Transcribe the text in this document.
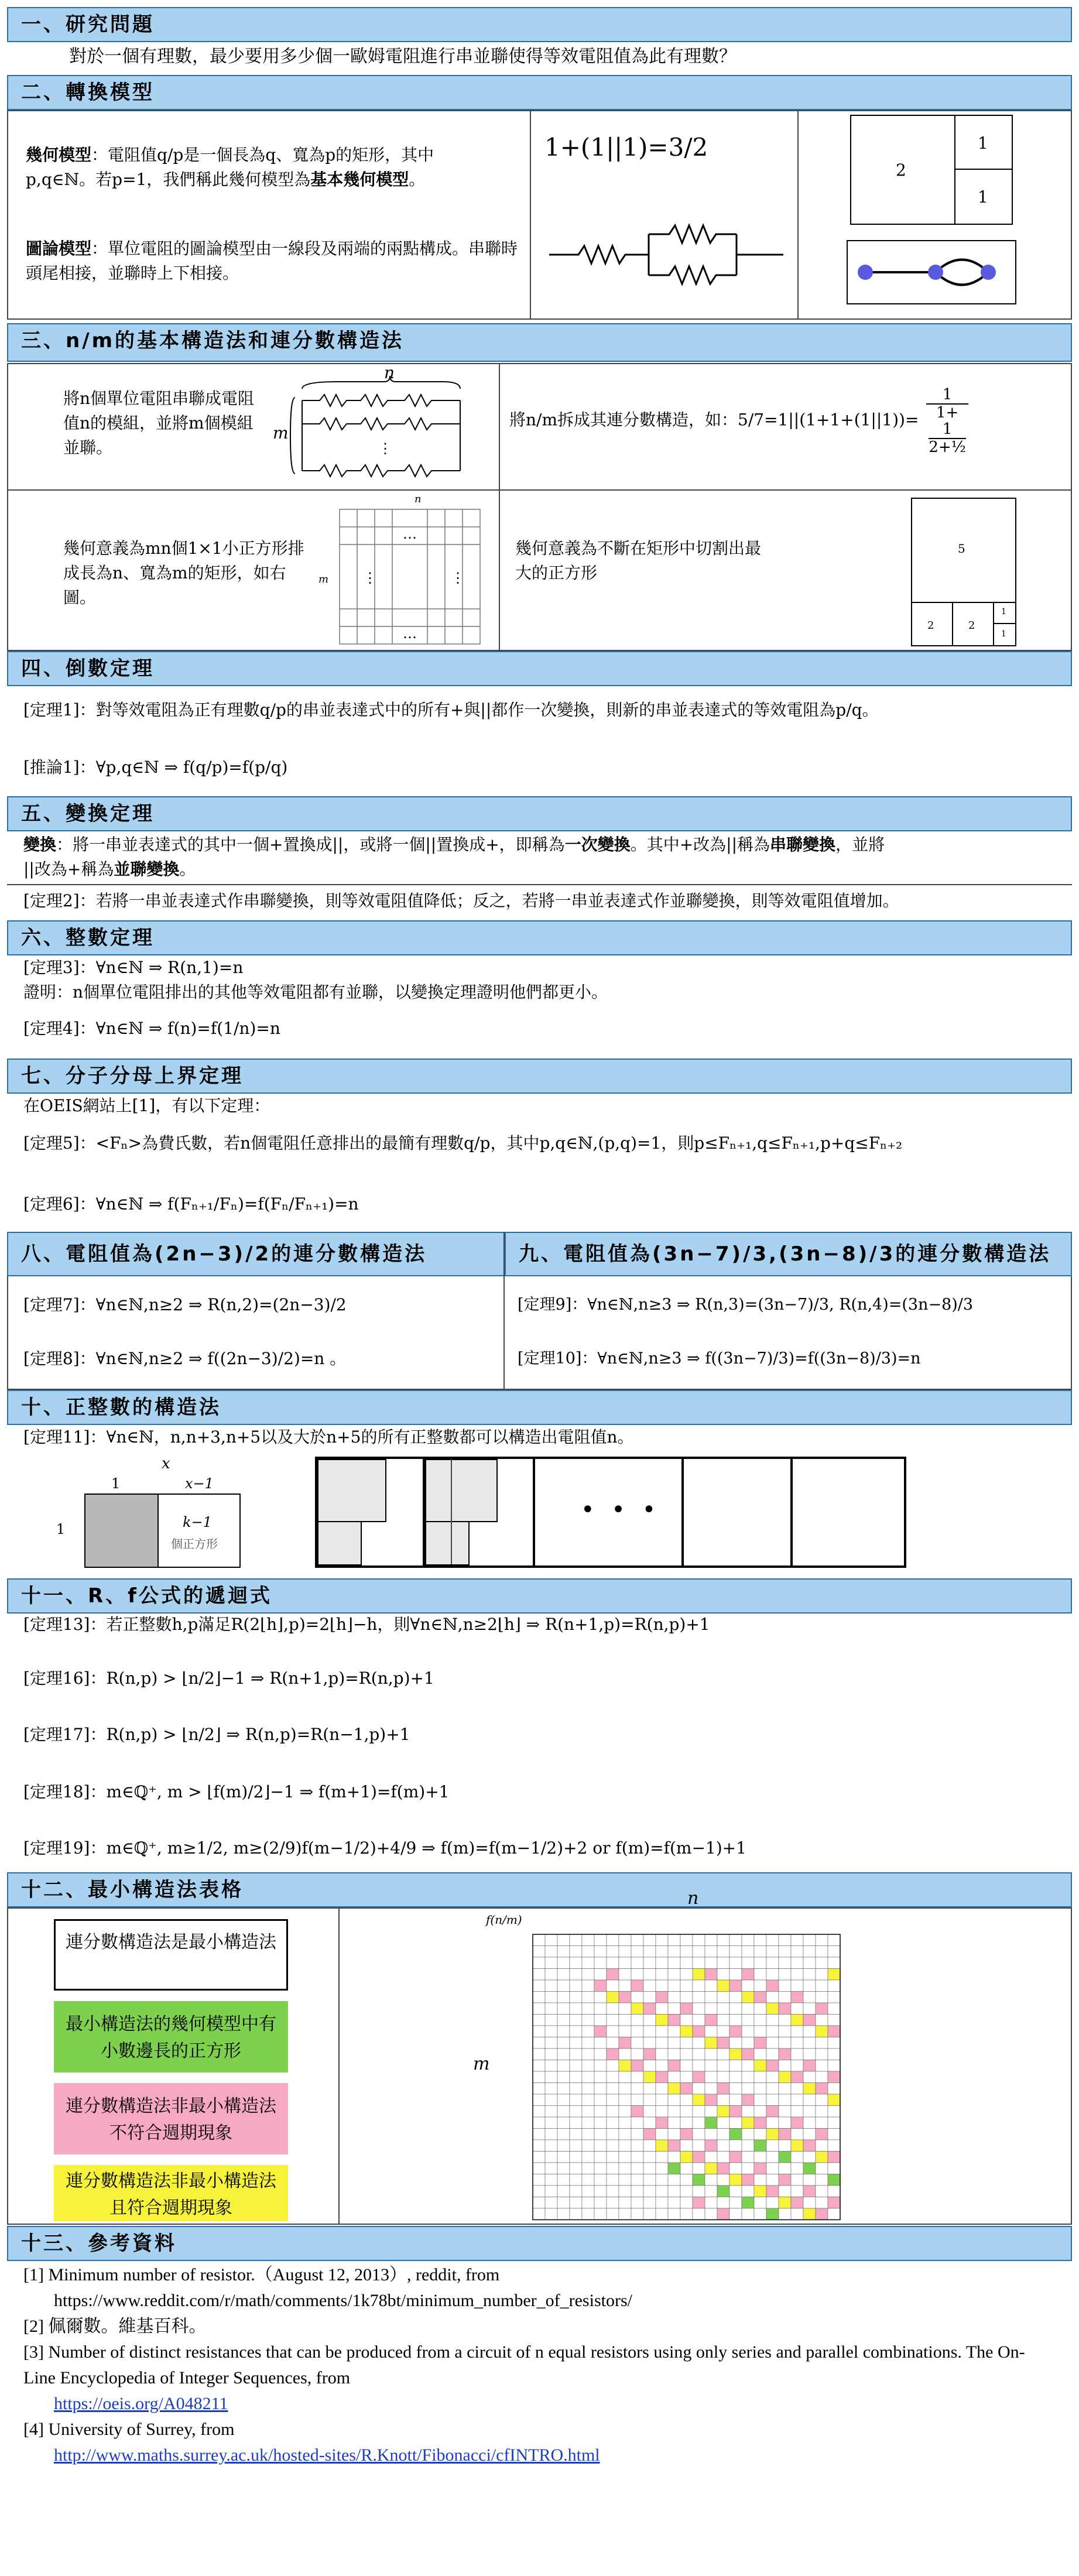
一、研究問題
對於一個有理數，最少要用多少個一歐姆電阻進行串並聯使得等效電阻值為此有理數？
二、轉換模型
幾何模型：電阻值q/p是一個長為q、寬為p的矩形，其中
p,q∈ℕ。若p=1，我們稱此幾何模型為基本幾何模型。
圖論模型：單位電阻的圖論模型由一線段及兩端的兩點構成。串聯時頭尾相接，並聯時上下相接。
1+(1||1)=3/2
2
1
1
三、n/m的基本構造法和連分數構造法
將n個單位電阻串聯成電阻值n的模組，並將m個模組並聯。
n
m
⋮
將n/m拆成其連分數構造，如：5/7=1||(1+1+(1||1))= 1
1+
1
2+½
幾何意義為mn個1×1小正方形排成長為n、寬為m的矩形，如右圖。
n
m
…
…
⋮	⋮
幾何意義為不斷在矩形中切割出最大的正方形
5
2	2
1
1
四、倒數定理
[定理1]：對等效電阻為正有理數q/p的串並表達式中的所有+與||都作一次變換，則新的串並表達式的等效電阻為p/q。
[推論1]：∀p,q∈ℕ ⇒ f(q/p)=f(p/q)
五、變換定理
變換：將一串並表達式的其中一個+置換成||，或將一個||置換成+，即稱為一次變換。其中+改為||稱為串聯變換，並將
||改為+稱為並聯變換。
[定理2]：若將一串並表達式作串聯變換，則等效電阻值降低；反之，若將一串並表達式作並聯變換，則等效電阻值增加。
六、整數定理
[定理3]：∀n∈ℕ ⇒ R(n,1)=n
證明：n個單位電阻排出的其他等效電阻都有並聯，以變換定理證明他們都更小。
[定理4]：∀n∈ℕ ⇒ f(n)=f(1/n)=n
七、分子分母上界定理
在OEIS網站上[1]，有以下定理：
[定理5]：<Fₙ>為費氏數，若n個電阻任意排出的最簡有理數q/p，其中p,q∈ℕ,(p,q)=1，則p≤Fₙ₊₁,q≤Fₙ₊₁,p+q≤Fₙ₊₂
[定理6]：∀n∈ℕ ⇒ f(Fₙ₊₁/Fₙ)=f(Fₙ/Fₙ₊₁)=n
八、電阻值為(2n−3)/2的連分數構造法	九、電阻值為(3n−7)/3,(3n−8)/3的連分數構造法
[定理7]：∀n∈ℕ,n≥2 ⇒ R(n,2)=(2n−3)/2
[定理8]：∀n∈ℕ,n≥2 ⇒ f((2n−3)/2)=n 。
[定理9]：∀n∈ℕ,n≥3 ⇒ R(n,3)=(3n−7)/3, R(n,4)=(3n−8)/3
[定理10]：∀n∈ℕ,n≥3 ⇒ f((3n−7)/3)=f((3n−8)/3)=n
十、正整數的構造法
[定理11]：∀n∈ℕ，n,n+3,n+5以及大於n+5的所有正整數都可以構造出電阻值n。
x
1	x−1
1	k−1
個正方形
• • •
十一、R、f公式的遞迴式
[定理13]：若正整數h,p滿足R(2⌊h⌋,p)=2⌊h⌋−h，則∀n∈ℕ,n≥2⌊h⌋ ⇒ R(n+1,p)=R(n,p)+1
[定理16]：R(n,p) > ⌊n/2⌋−1 ⇒ R(n+1,p)=R(n,p)+1
[定理17]：R(n,p) > ⌊n/2⌋ ⇒ R(n,p)=R(n−1,p)+1
[定理18]：m∈ℚ⁺, m > ⌊f(m)/2⌋−1 ⇒ f(m+1)=f(m)+1
[定理19]：m∈ℚ⁺, m≥1/2, m≥(2/9)f(m−1/2)+4/9 ⇒ f(m)=f(m−1/2)+2 or f(m)=f(m−1)+1
十二、最小構造法表格
連分數構造法是最小構造法
最小構造法的幾何模型中有小數邊長的正方形
連分數構造法非最小構造法不符合週期現象
連分數構造法非最小構造法且符合週期現象
n
m
f(n/m)
十三、參考資料
[1] Minimum number of resistor.（August 12, 2013）, reddit, from
https://www.reddit.com/r/math/comments/1k78bt/minimum_number_of_resistors/
[2] 佩爾數。維基百科。
[3] Number of distinct resistances that can be produced from a circuit of n equal resistors using only series and parallel combinations. The On-Line Encyclopedia of Integer Sequences, from
https://oeis.org/A048211
[4] University of Surrey, from
http://www.maths.surrey.ac.uk/hosted-sites/R.Knott/Fibonacci/cfINTRO.html
